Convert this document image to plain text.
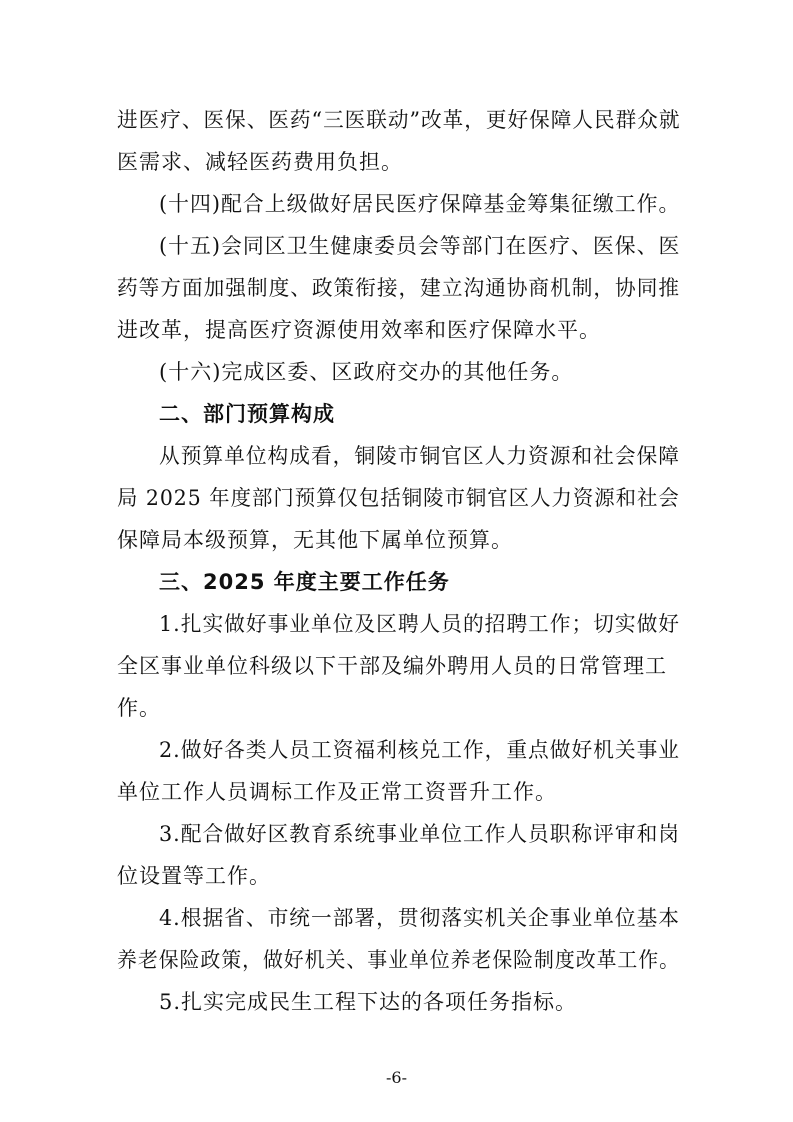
进医疗、医保、医药“三医联动”改革，更好保障人民群众就
医需求、减轻医药费用负担。
(十四)配合上级做好居民医疗保障基金筹集征缴工作。
(十五)会同区卫生健康委员会等部门在医疗、医保、医
药等方面加强制度、政策衔接，建立沟通协商机制，协同推
进改革，提高医疗资源使用效率和医疗保障水平。
(十六)完成区委、区政府交办的其他任务。
二、部门预算构成
从预算单位构成看，铜陵市铜官区人力资源和社会保障
局 2025 年度部门预算仅包括铜陵市铜官区人力资源和社会
保障局本级预算，无其他下属单位预算。
三、2025 年度主要工作任务
1.扎实做好事业单位及区聘人员的招聘工作；切实做好
全区事业单位科级以下干部及编外聘用人员的日常管理工
作。
2.做好各类人员工资福利核兑工作，重点做好机关事业
单位工作人员调标工作及正常工资晋升工作。
3.配合做好区教育系统事业单位工作人员职称评审和岗
位设置等工作。
4.根据省、市统一部署，贯彻落实机关企事业单位基本
养老保险政策，做好机关、事业单位养老保险制度改革工作。
5.扎实完成民生工程下达的各项任务指标。
-6-
